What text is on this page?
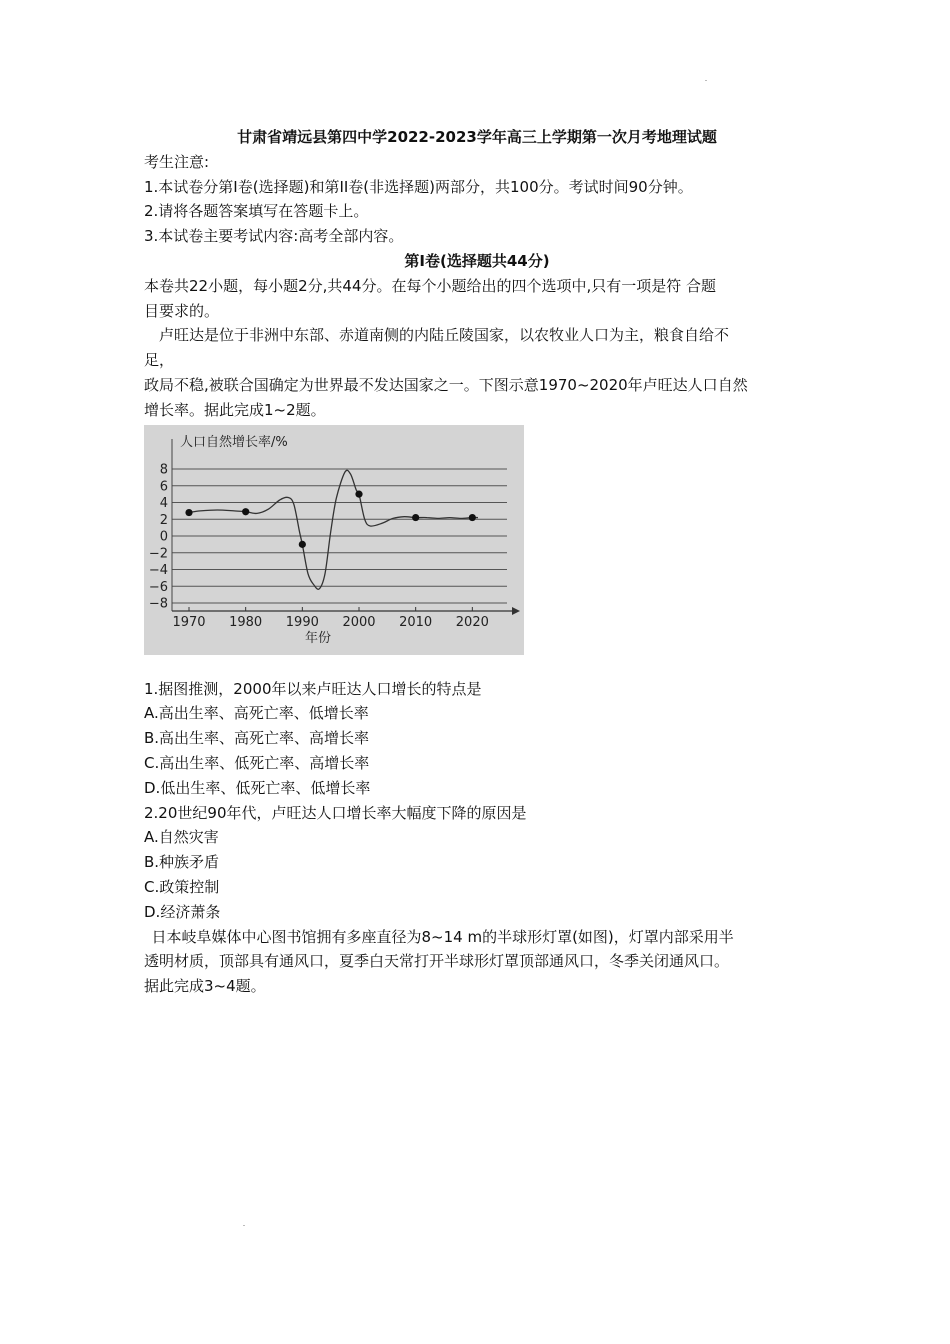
甘肃省靖远县第四中学2022-2023学年高三上学期第一次月考地理试题
考生注意:
1.本试卷分第I卷(选择题)和第II卷(非选择题)两部分，共100分。考试时间90分钟。
2.请将各题答案填写在答题卡上。
3.本试卷主要考试内容:高考全部内容。
第I卷(选择题共44分)
本卷共22小题，每小题2分,共44分。在每个小题给出的四个选项中,只有一项是符 合题
目要求的。
卢旺达是位于非洲中东部、赤道南侧的内陆丘陵国家，以农牧业人口为主，粮食自给不
足，
政局不稳,被联合国确定为世界最不发达国家之一。下图示意1970~2020年卢旺达人口自然
增长率。据此完成1~2题。
8
6
4
2
0
−2
−4
−6
−8
1970 1980 1990 2000 2010 2020
人口自然增长率/%
年份
1.据图推测，2000年以来卢旺达人口增长的特点是
A.高出生率、高死亡率、低增长率
B.高出生率、高死亡率、高增长率
C.高出生率、低死亡率、高增长率
D.低出生率、低死亡率、低增长率
2.20世纪90年代，卢旺达人口增长率大幅度下降的原因是
A.自然灾害
B.种族矛盾
C.政策控制
D.经济萧条
日本岐阜媒体中心图书馆拥有多座直径为8~14 m的半球形灯罩(如图)，灯罩内部采用半
透明材质，顶部具有通风口，夏季白天常打开半球形灯罩顶部通风口，冬季关闭通风口。
据此完成3~4题。
